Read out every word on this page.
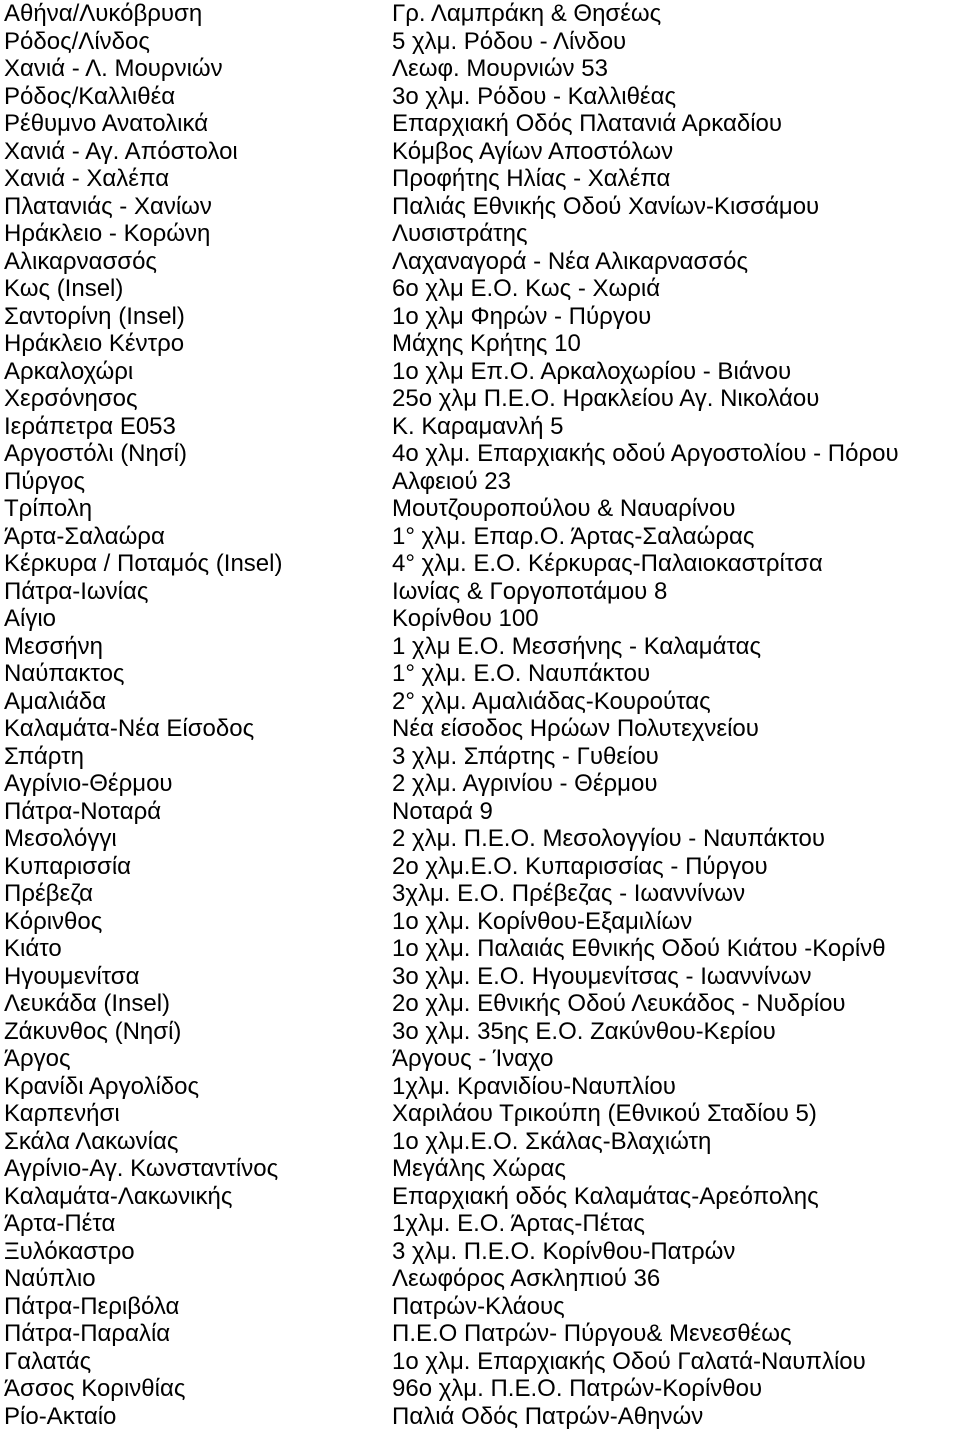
Αθήνα/Λυκόβρυση	Γρ. Λαμπράκη & Θησέως
Ρόδος/Λίνδος	5 χλμ. Ρόδου - Λίνδου
Χανιά - Λ. Μουρνιών	Λεωφ. Μουρνιών 53
Ρόδος/Καλλιθέα	3ο χλμ. Ρόδου - Καλλιθέας
Ρέθυμνο Ανατολικά	Επαρχιακή Οδός Πλατανιά Αρκαδίου
Χανιά - Αγ. Απόστολοι	Κόμβος Αγίων Αποστόλων
Χανιά - Χαλέπα	Προφήτης Ηλίας - Χαλέπα
Πλατανιάς - Χανίων	Παλιάς Εθνικής Οδού Χανίων-Κισσάμου
Ηράκλειο - Κορώνη	Λυσιστράτης
Αλικαρνασσός	Λαχαναγορά - Νέα Αλικαρνασσός
Κως (Insel)	6ο χλμ Ε.Ο. Κως - Χωριά
Σαντορίνη (Insel)	1ο χλμ Φηρών - Πύργου
Ηράκλειο Κέντρο	Μάχης Κρήτης 10
Αρκαλοχώρι	1ο χλμ Επ.Ο. Αρκαλοχωρίου - Βιάνου
Χερσόνησος	25ο χλμ Π.Ε.Ο. Ηρακλείου Αγ. Νικολάου
Ιεράπετρα E053	Κ. Καραμανλή 5
Αργοστόλι (Νησί)	4ο χλμ. Επαρχιακής οδού Αργοστολίου - Πόρου
Πύργος	Αλφειού 23
Τρίπολη	Μουτζουροπούλου & Ναυαρίνου
Άρτα-Σαλαώρα	1° χλμ. Επαρ.Ο. Άρτας-Σαλαώρας
Κέρκυρα / Ποταμός (Insel)	4° χλμ. Ε.Ο. Κέρκυρας-Παλαιοκαστρίτσα
Πάτρα-Ιωνίας	Ιωνίας & Γοργοποτάμου 8
Αίγιο	Κορίνθου 100
Μεσσήνη	1 χλμ Ε.Ο. Μεσσήνης - Καλαμάτας
Ναύπακτος	1° χλμ. Ε.Ο. Ναυπάκτου
Αμαλιάδα	2° χλμ. Αμαλιάδας-Κουρούτας
Καλαμάτα-Νέα Είσοδος	Νέα είσοδος Ηρώων Πολυτεχνείου
Σπάρτη	3 χλμ. Σπάρτης - Γυθείου
Αγρίνιο-Θέρμου	2 χλμ. Αγρινίου - Θέρμου
Πάτρα-Νοταρά	Νοταρά 9
Μεσολόγγι	2 χλμ. Π.Ε.Ο. Μεσολογγίου - Ναυπάκτου
Κυπαρισσία	2ο χλμ.Ε.Ο. Κυπαρισσίας - Πύργου
Πρέβεζα	3χλμ. Ε.Ο. Πρέβεζας - Ιωαννίνων
Κόρινθος	1ο χλμ. Κορίνθου-Εξαμιλίων
Κιάτο	1ο χλμ. Παλαιάς Εθνικής Οδού Κιάτου -Κορίνθ
Ηγουμενίτσα	3ο χλμ. Ε.Ο. Ηγουμενίτσας - Ιωαννίνων
Λευκάδα (Insel)	2ο χλμ. Εθνικής Οδού Λευκάδος - Νυδρίου
Ζάκυνθος (Νησί)	3ο χλμ. 35ης Ε.Ο. Ζακύνθου-Κερίου
Άργος	Άργους - Ίναχο
Κρανίδι Αργολίδος	1χλμ. Κρανιδίου-Ναυπλίου
Καρπενήσι	Χαριλάου Τρικούπη (Εθνικού Σταδίου 5)
Σκάλα Λακωνίας	1ο χλμ.Ε.Ο. Σκάλας-Βλαχιώτη
Αγρίνιο-Αγ. Κωνσταντίνος	Μεγάλης Χώρας
Καλαμάτα-Λακωνικής	Επαρχιακή οδός Καλαμάτας-Αρεόπολης
Άρτα-Πέτα	1χλμ. Ε.Ο. Άρτας-Πέτας
Ξυλόκαστρο	3 χλμ. Π.Ε.Ο. Κορίνθου-Πατρών
Ναύπλιο	Λεωφόρος Ασκληπιού 36
Πάτρα-Περιβόλα	Πατρών-Κλάους
Πάτρα-Παραλία	Π.Ε.Ο Πατρών- Πύργου& Μενεσθέως
Γαλατάς	1ο χλμ. Επαρχιακής Οδού Γαλατά-Ναυπλίου
Άσσος Κορινθίας	96ο χλμ. Π.Ε.Ο. Πατρών-Κορίνθου
Ρίο-Ακταίο	Παλιά Οδός Πατρών-Αθηνών
